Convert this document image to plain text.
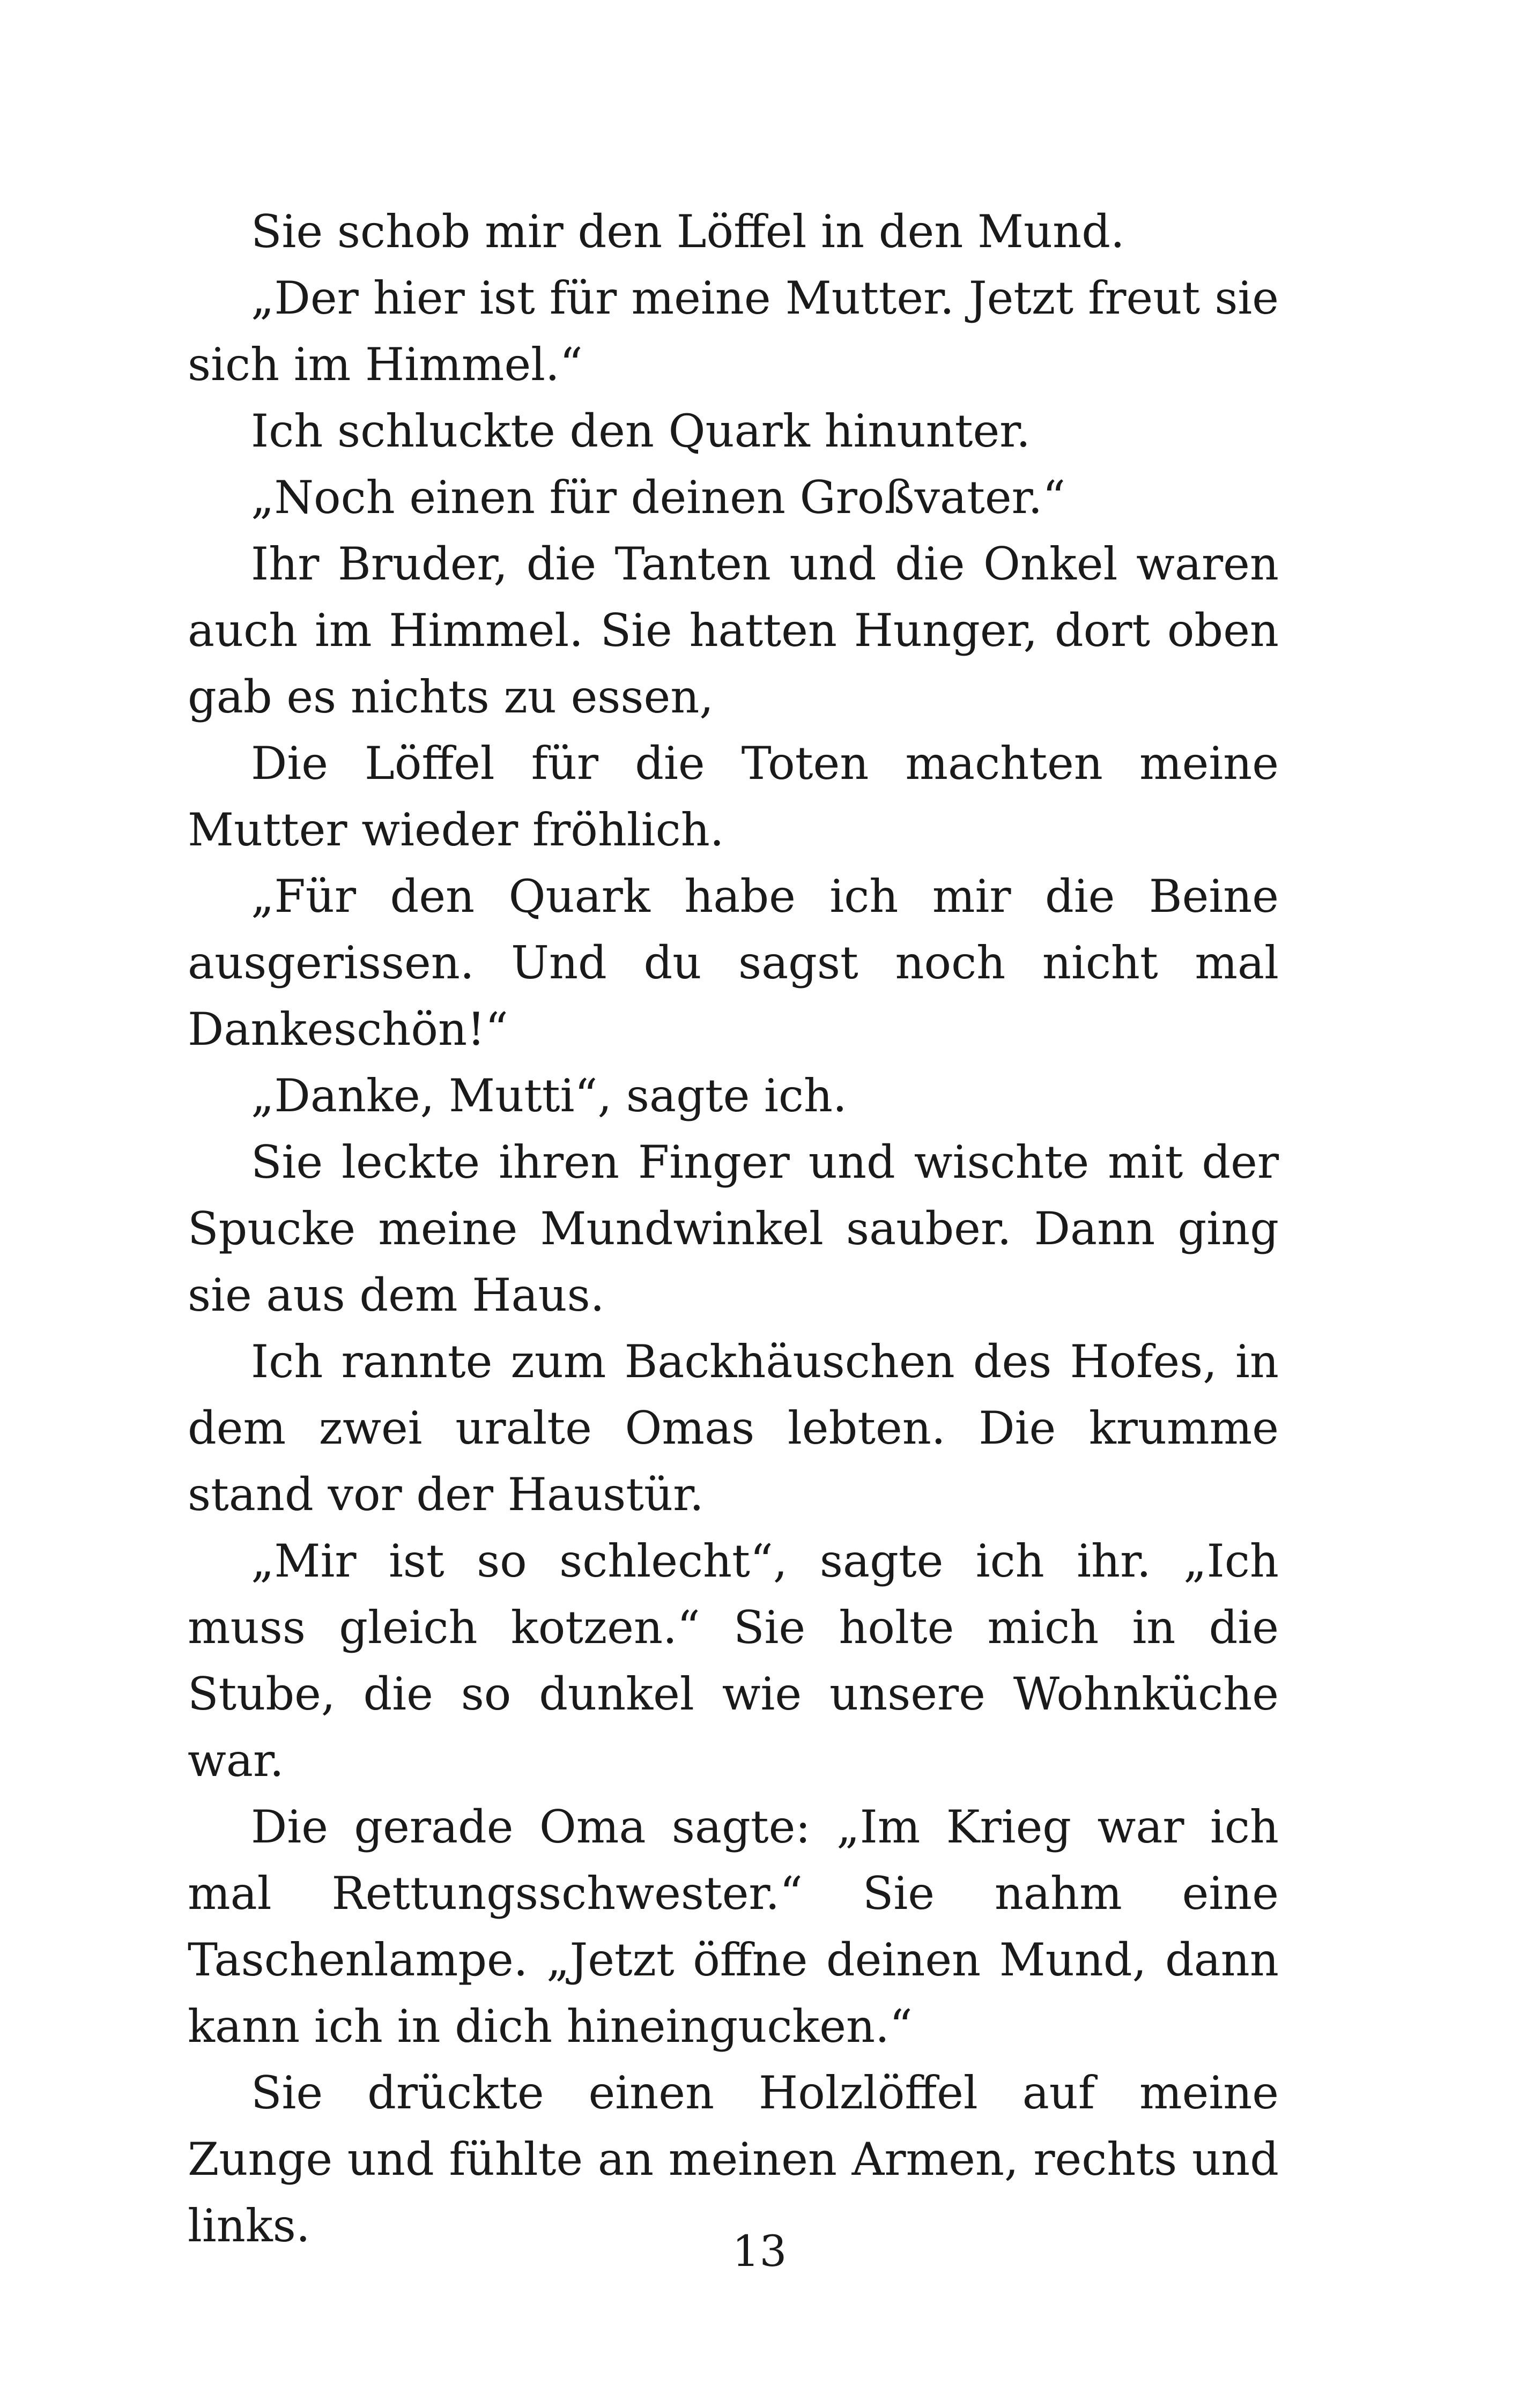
Sie schob mir den Löffel in den Mund.

„Der hier ist für meine Mutter. Jetzt freut sie sich im Himmel.“

Ich schluckte den Quark hinunter.

„Noch einen für deinen Großvater.“

Ihr Bruder, die Tanten und die Onkel waren auch im Himmel. Sie hatten Hunger, dort oben gab es nichts zu essen,

Die Löffel für die Toten machten meine Mutter wieder fröhlich.

„Für den Quark habe ich mir die Beine ausgerissen. Und du sagst noch nicht mal Dankeschön!“

„Danke, Mutti“, sagte ich.

Sie leckte ihren Finger und wischte mit der Spucke meine Mundwinkel sauber. Dann ging sie aus dem Haus.

Ich rannte zum Backhäuschen des Hofes, in dem zwei uralte Omas lebten. Die krumme stand vor der Haustür.

„Mir ist so schlecht“, sagte ich ihr. „Ich muss gleich kotzen.“ Sie holte mich in die Stube, die so dunkel wie unsere Wohnküche war.

Die gerade Oma sagte: „Im Krieg war ich mal Rettungsschwester.“ Sie nahm eine Taschenlampe. „Jetzt öffne deinen Mund, dann kann ich in dich hineingucken.“

Sie drückte einen Holzlöffel auf meine Zunge und fühlte an meinen Armen, rechts und links.	13
